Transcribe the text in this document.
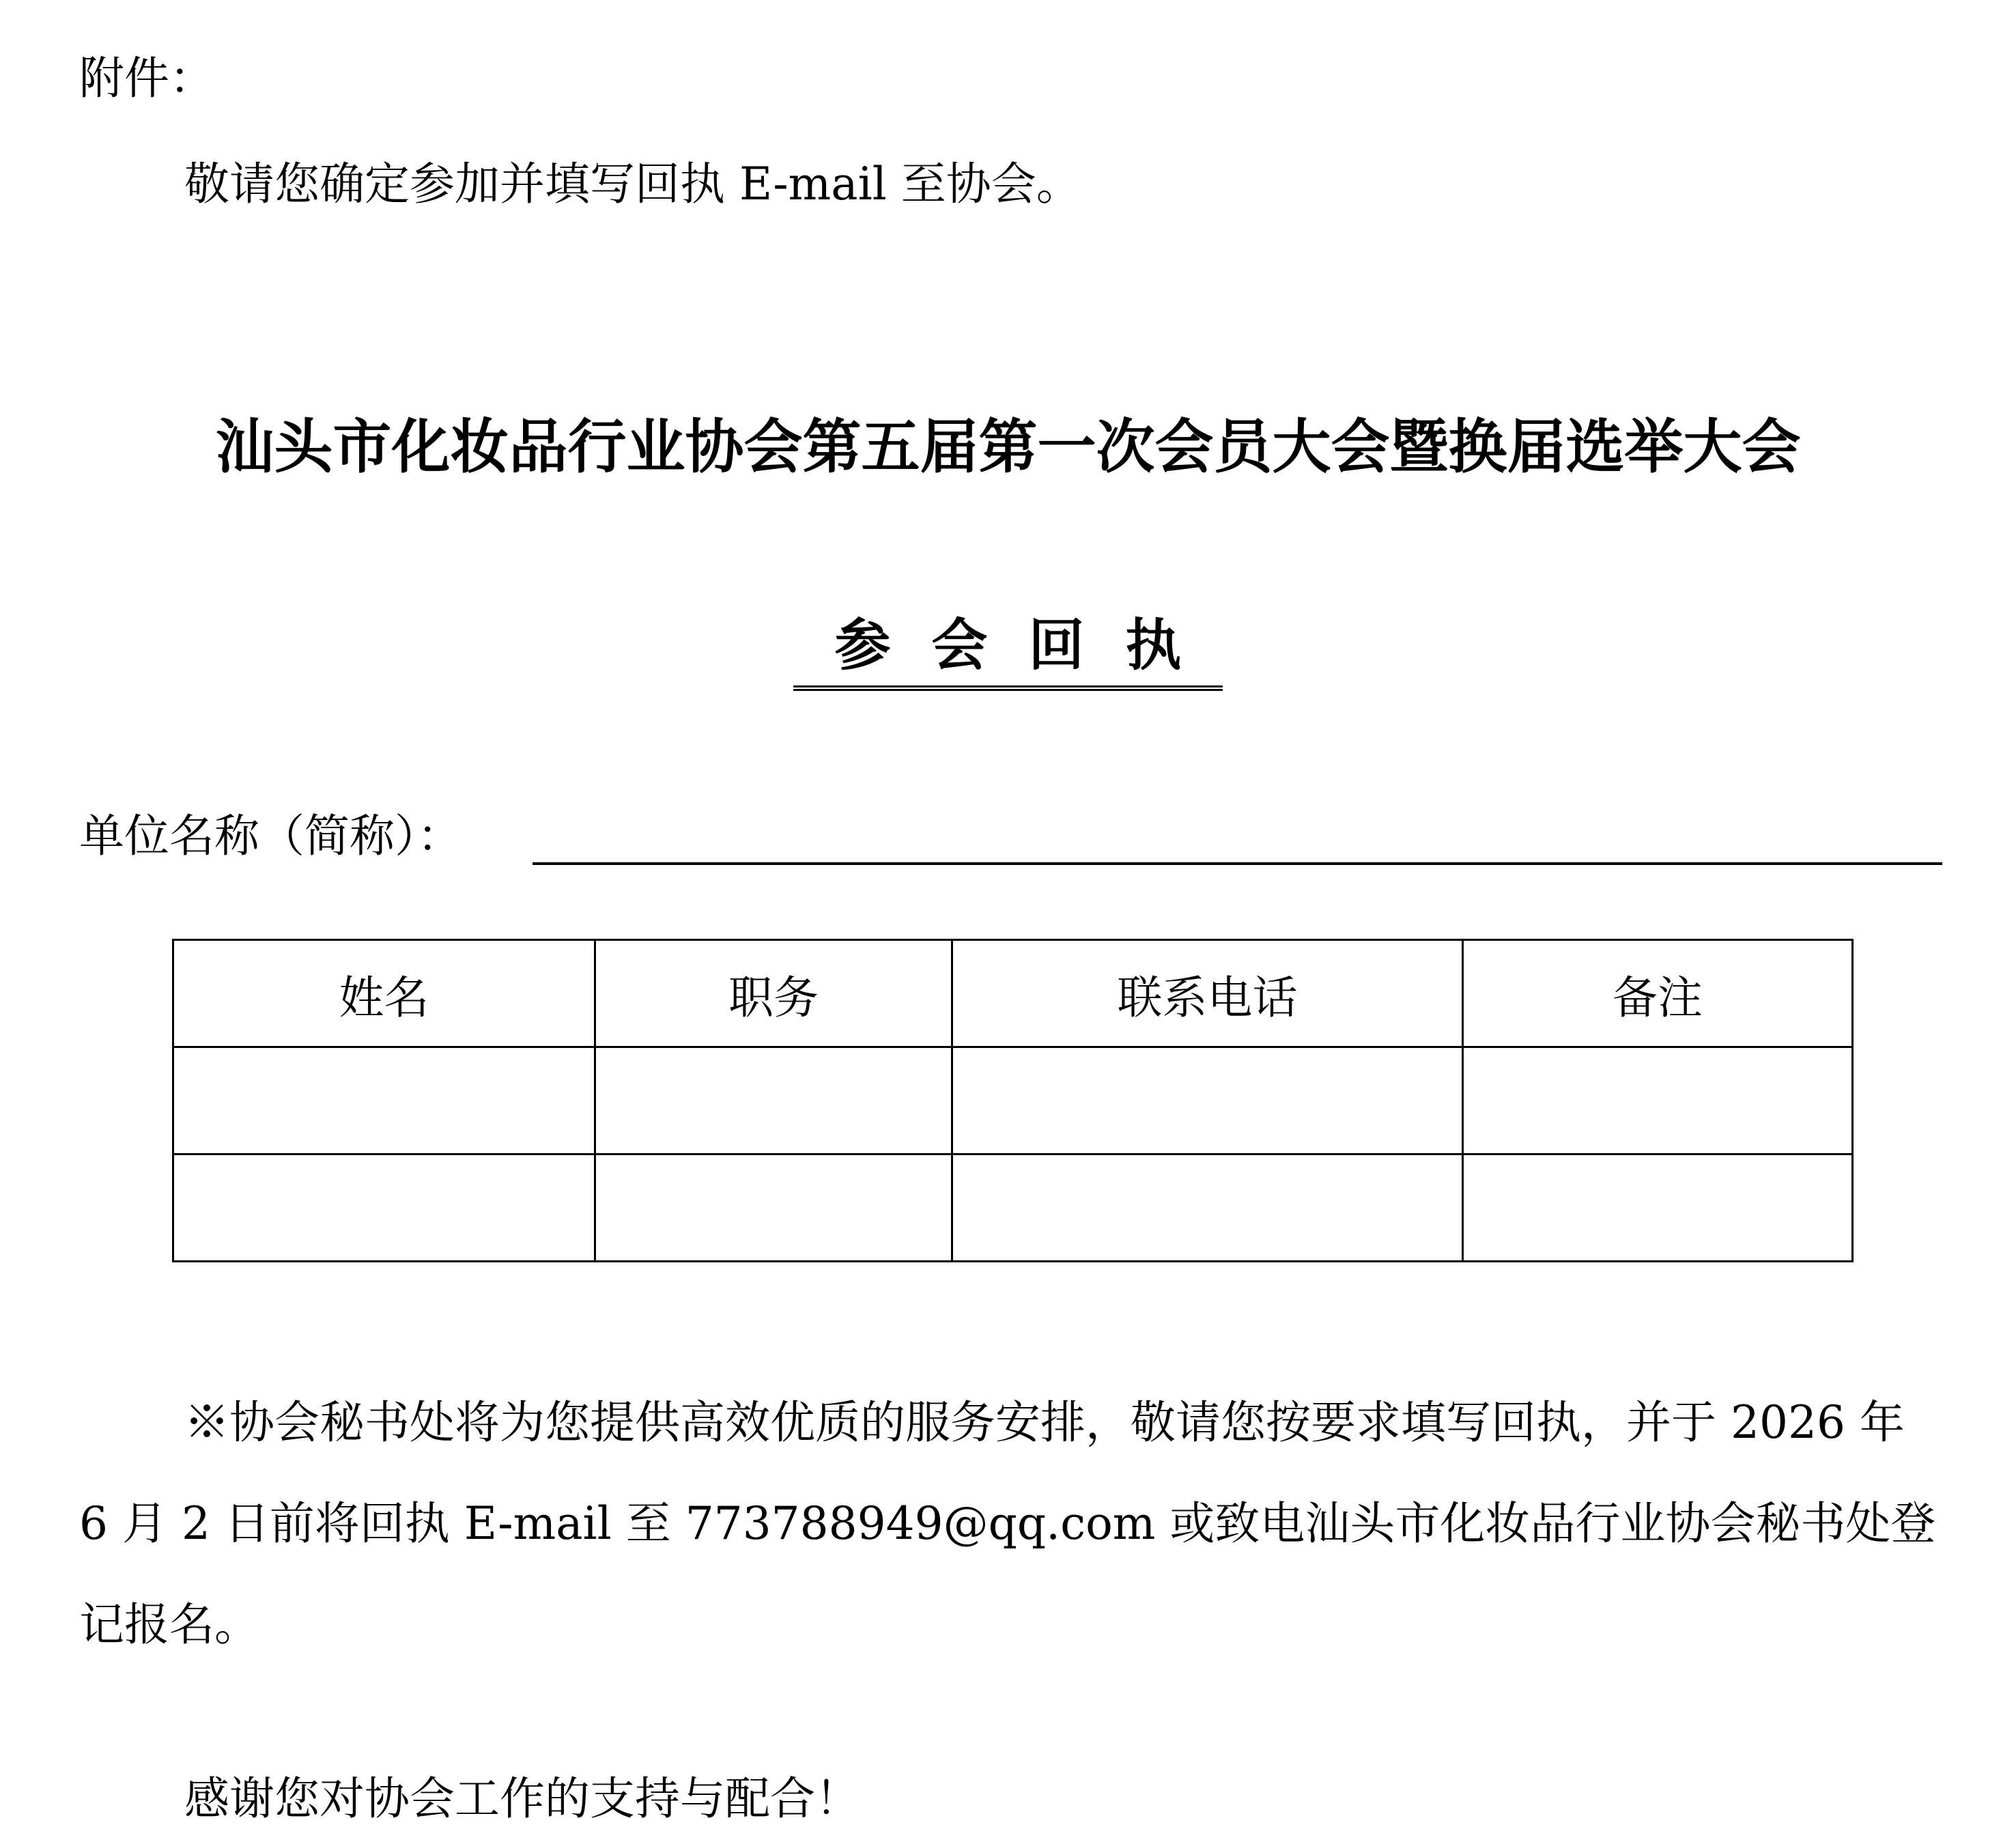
附件：
敬请您确定参加并填写回执 E-mail 至协会。
汕头市化妆品行业协会第五届第一次会员大会暨换届选举大会
参会回执
单位名称（简称）：
姓名	职务	联系电话	备注

※协会秘书处将为您提供高效优质的服务安排，敬请您按要求填写回执，并于 2026 年 6 月 2 日前将回执 E-mail 至 773788949@qq.com 或致电汕头市化妆品行业协会秘书处登记报名。
感谢您对协会工作的支持与配合！
